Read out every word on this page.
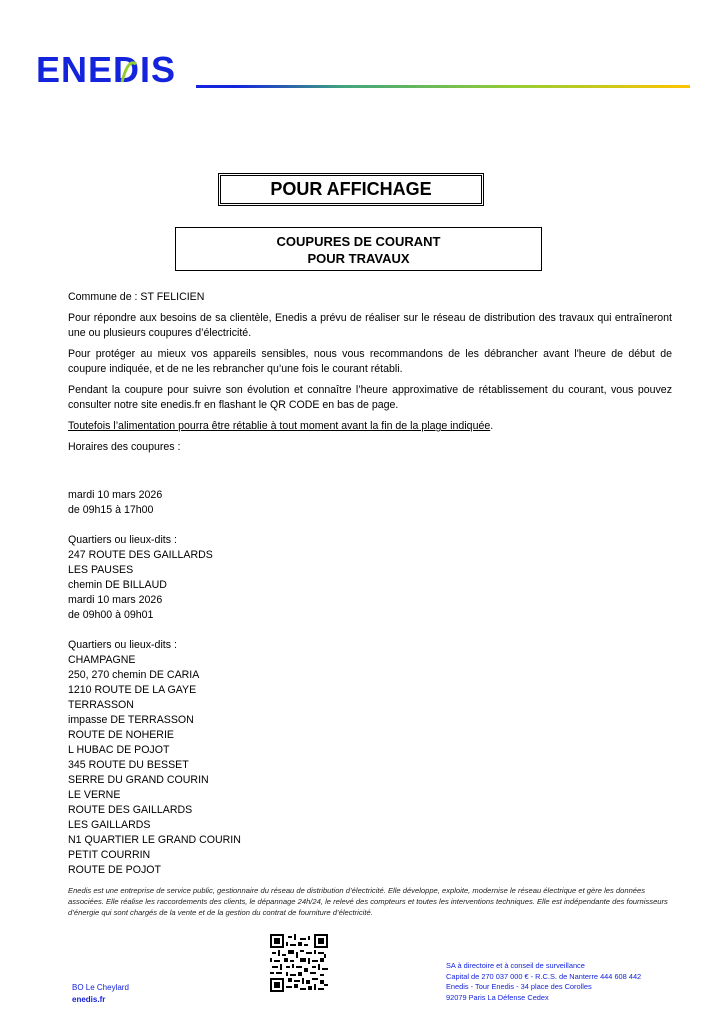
ENEDIS
POUR AFFICHAGE
COUPURES DE COURANT
POUR TRAVAUX

Commune de : ST FELICIEN

Pour répondre aux besoins de sa clientèle, Enedis a prévu de réaliser sur le réseau de distribution des travaux qui entraîneront une ou plusieurs coupures d’électricité.

Pour protéger au mieux vos appareils sensibles, nous vous recommandons de les débrancher avant l'heure de début de coupure indiquée, et de ne les rebrancher qu’une fois le courant rétabli.

Pendant la coupure pour suivre son évolution et connaître l’heure approximative de rétablissement du courant, vous pouvez consulter notre site enedis.fr en flashant le QR CODE en bas de page.

Toutefois l’alimentation pourra être rétablie à tout moment avant la fin de la plage indiquée.

Horaires des coupures :

mardi 10 mars 2026
de 09h15 à 17h00
Quartiers ou lieux-dits :
247 ROUTE DES GAILLARDS
LES PAUSES
chemin DE BILLAUD
mardi 10 mars 2026
de 09h00 à 09h01
Quartiers ou lieux-dits :
CHAMPAGNE
250, 270 chemin DE CARIA
1210 ROUTE DE LA GAYE
TERRASSON
impasse DE TERRASSON
ROUTE DE NOHERIE
L HUBAC DE POJOT
345 ROUTE DU BESSET
SERRE DU GRAND COURIN
LE VERNE
ROUTE DES GAILLARDS
LES GAILLARDS
N1 QUARTIER LE GRAND COURIN
PETIT COURRIN
ROUTE DE POJOT
Enedis est une entreprise de service public, gestionnaire du réseau de distribution d’électricité. Elle développe, exploite, modernise le réseau électrique et gère les données associées. Elle réalise les raccordements des clients, le dépannage 24h/24, le relevé des compteurs et toutes les interventions techniques. Elle est indépendante des fournisseurs d’énergie qui sont chargés de la vente et de la gestion du contrat de fourniture d’électricité.
BO Le Cheylard
enedis.fr
SA à directoire et à conseil de surveillance
Capital de 270 037 000 € - R.C.S. de Nanterre 444 608 442
Enedis - Tour Enedis - 34 place des Corolles
92079 Paris La Défense Cedex
